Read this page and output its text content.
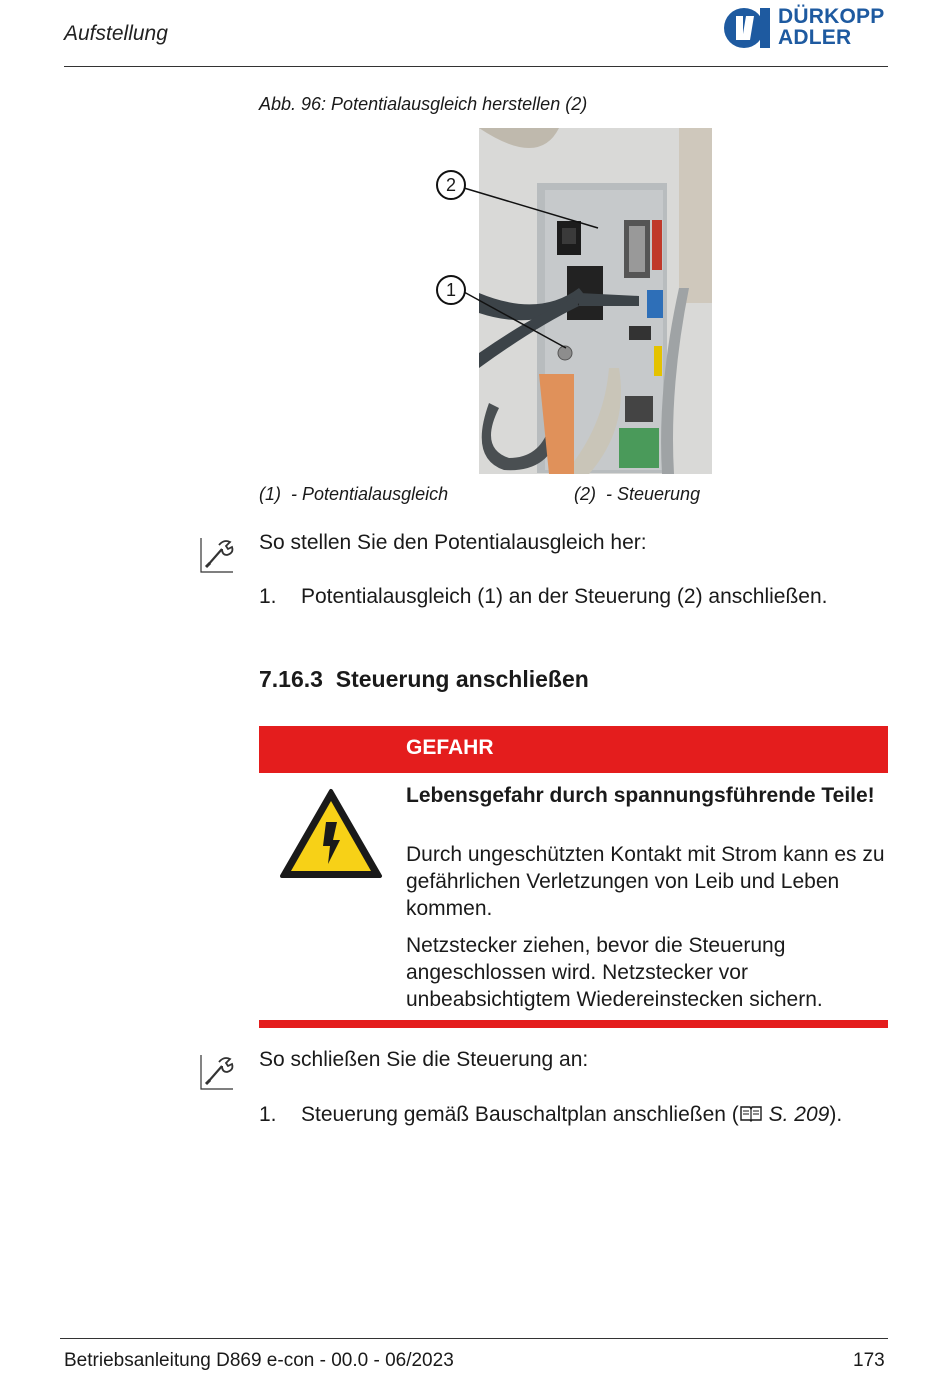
Aufstellung
DÜRKOPP
ADLER
Abb. 96: Potentialausgleich herstellen (2)
2
1
(1) - Potentialausgleich	(2) - Steuerung
So stellen Sie den Potentialausgleich her:
1. Potentialausgleich (1) an der Steuerung (2) anschließen.
7.16.3 Steuerung anschließen
GEFAHR
Lebensgefahr durch spannungsführende Teile!
Durch ungeschützten Kontakt mit Strom kann es zu gefährlichen Verletzungen von Leib und Leben kommen.
Netzstecker ziehen, bevor die Steuerung angeschlossen wird. Netzstecker vor unbeabsichtigtem Wiedereinstecken sichern.
So schließen Sie die Steuerung an:
1. Steuerung gemäß Bauschaltplan anschließen ( S. 209).
Betriebsanleitung D869 e-con - 00.0 - 06/2023	173
